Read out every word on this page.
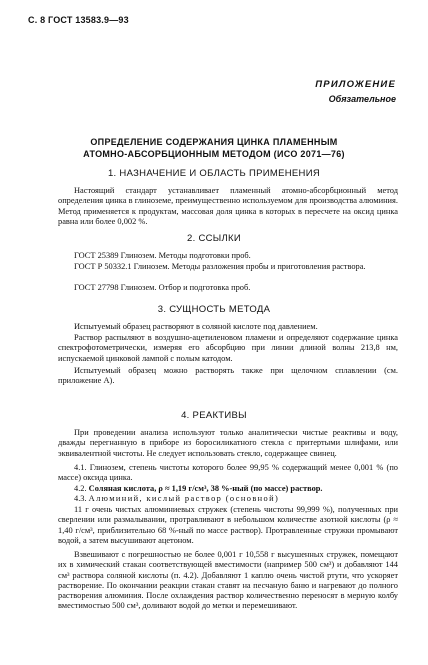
С. 8 ГОСТ 13583.9—93
ПРИЛОЖЕНИЕ
Обязательное
ОПРЕДЕЛЕНИЕ СОДЕРЖАНИЯ ЦИНКА ПЛАМЕННЫМ
АТОМНО-АБСОРБЦИОННЫМ МЕТОДОМ (ИСО 2071—76)
1. НАЗНАЧЕНИЕ И ОБЛАСТЬ ПРИМЕНЕНИЯ
Настоящий стандарт устанавливает пламенный атомно-абсорбционный метод определения цинка в глиноземе, преимущественно используемом для производства алюминия. Метод применяется к продуктам, массовая доля цинка в которых в пересчете на оксид цинка равна или более 0,002 %.
2. ССЫЛКИ
ГОСТ 25389 Глинозем. Методы подготовки проб.
ГОСТ Р 50332.1 Глинозем. Методы разложения пробы и приготовления раствора.
ГОСТ 27798 Глинозем. Отбор и подготовка проб.
3. СУЩНОСТЬ МЕТОДА
Испытуемый образец растворяют в соляной кислоте под давлением.
Раствор распыляют в воздушно-ацетиленовом пламени и определяют содержание цинка спектрофотометрически, измеряя его абсорбцию при линии длиной волны 213,8 нм, испускаемой цинковой лампой с полым катодом.
Испытуемый образец можно растворять также при щелочном сплавлении (см. приложение А).
4. РЕАКТИВЫ
При проведении анализа используют только аналитически чистые реактивы и воду, дважды перегнанную в приборе из боросиликатного стекла с притертыми шлифами, или эквивалентной чистоты. Не следует использовать стекло, содержащее свинец.
4.1. Глинозем, степень чистоты которого более 99,95 % содержащий менее 0,001 % (по массе) оксида цинка.
4.2. Соляная кислота, ρ ≈ 1,19 г/см³, 38 %-ный (по массе) раствор.
4.3. Алюминий, кислый раствор (основной)
11 г очень чистых алюминиевых стружек (степень чистоты 99,999 %), полученных при сверлении или размалывании, протравливают в небольшом количестве азотной кислоты (ρ ≈ 1,40 г/см³, приблизительно 68 %-ный по массе раствор). Протравленные стружки промывают водой, а затем высушивают ацетоном.
Взвешивают с погрешностью не более 0,001 г 10,558 г высушенных стружек, помещают их в химический стакан соответствующей вместимости (например 500 см³) и добавляют 144 см³ раствора соляной кислоты (п. 4.2). Добавляют 1 каплю очень чистой ртути, что ускоряет растворение. По окончании реакции стакан ставят на песчаную баню и нагревают до полного растворения алюминия. После охлаждения раствор количественно переносят в мерную колбу вместимостью 500 см³, доливают водой до метки и перемешивают.
